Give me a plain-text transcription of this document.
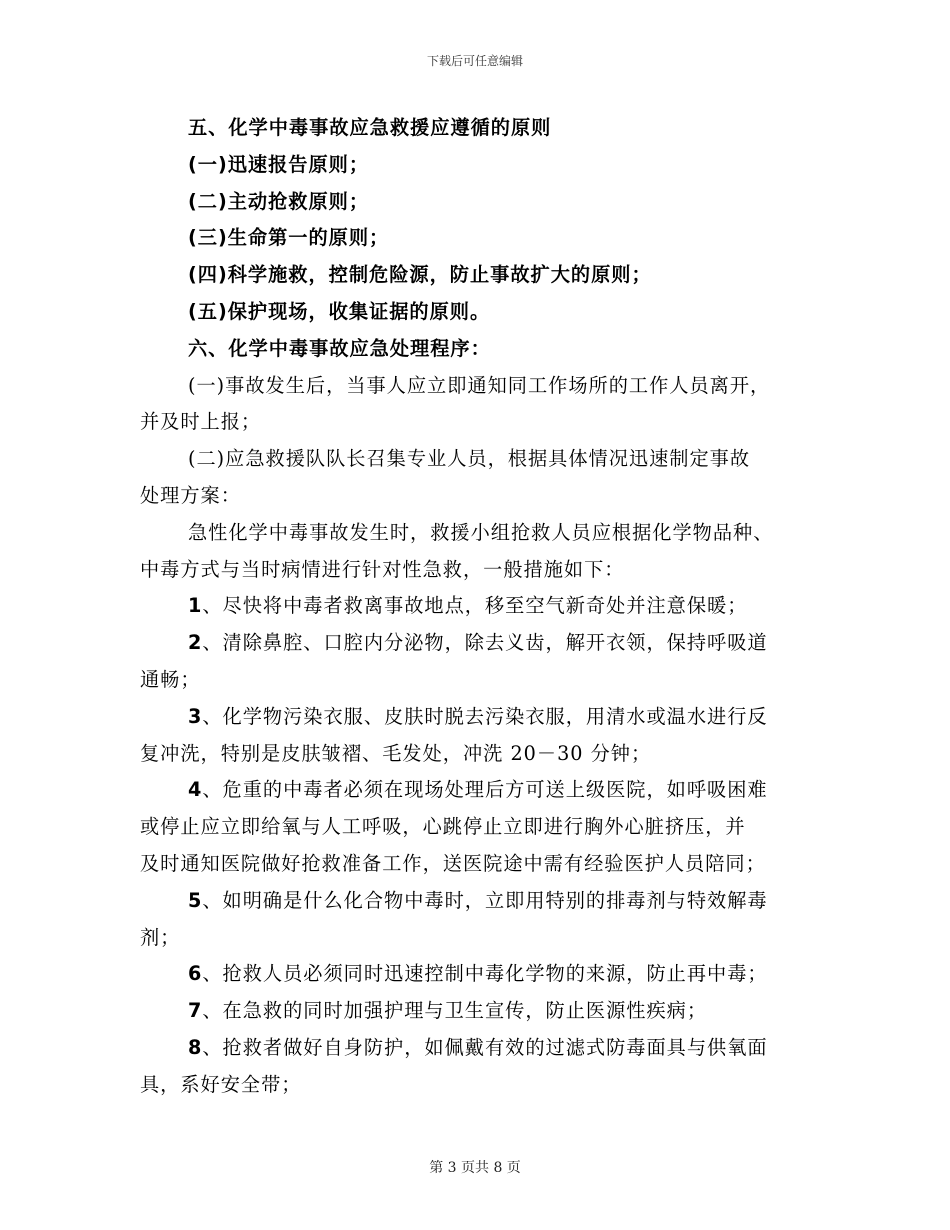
下载后可任意编辑
五、化学中毒事故应急救援应遵循的原则
(一)迅速报告原则；
(二)主动抢救原则；
(三)生命第一的原则；
(四)科学施救，控制危险源，防止事故扩大的原则；
(五)保护现场，收集证据的原则。
六、化学中毒事故应急处理程序：
(一)事故发生后，当事人应立即通知同工作场所的工作人员离开，
并及时上报；
(二)应急救援队队长召集专业人员，根据具体情况迅速制定事故
处理方案：
急性化学中毒事故发生时，救援小组抢救人员应根据化学物品种、
中毒方式与当时病情进行针对性急救，一般措施如下：
1、尽快将中毒者救离事故地点，移至空气新奇处并注意保暖；
2、清除鼻腔、口腔内分泌物，除去义齿，解开衣领，保持呼吸道
通畅；
3、化学物污染衣服、皮肤时脱去污染衣服，用清水或温水进行反
复冲洗，特别是皮肤皱褶、毛发处，冲洗 20－30 分钟；
4、危重的中毒者必须在现场处理后方可送上级医院，如呼吸困难
或停止应立即给氧与人工呼吸，心跳停止立即进行胸外心脏挤压，并
及时通知医院做好抢救准备工作，送医院途中需有经验医护人员陪同；
5、如明确是什么化合物中毒时，立即用特别的排毒剂与特效解毒
剂；
6、抢救人员必须同时迅速控制中毒化学物的来源，防止再中毒；
7、在急救的同时加强护理与卫生宣传，防止医源性疾病；
8、抢救者做好自身防护，如佩戴有效的过滤式防毒面具与供氧面
具，系好安全带；
第 3 页共 8 页
